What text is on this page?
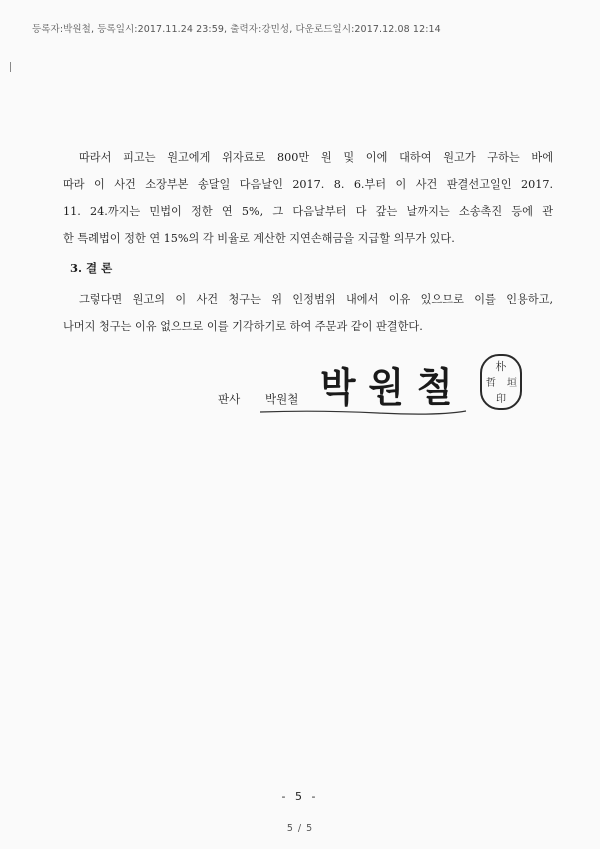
등록자:박원철, 등록일시:2017.11.24 23:59, 출력자:강민성, 다운로드일시:2017.12.08 12:14
따라서 피고는 원고에게 위자료로 800만 원 및 이에 대하여 원고가 구하는 바에
따라 이 사건 소장부본 송달일 다음날인 2017. 8. 6.부터 이 사건 판결선고일인 2017.
11. 24.까지는 민법이 정한 연 5%, 그 다음날부터 다 갚는 날까지는 소송촉진 등에 관
한 특례법이 정한 연 15%의 각 비율로 계산한 지연손해금을 지급할 의무가 있다.
3. 결 론
그렇다면 원고의 이 사건 청구는 위 인정범위 내에서 이유 있으므로 이를 인용하고,
나머지 청구는 이유 없으므로 이를 기각하기로 하여 주문과 같이 판결한다.
판사 박원철 박원철	朴
垣
哲
印
- 5 -
5 / 5
